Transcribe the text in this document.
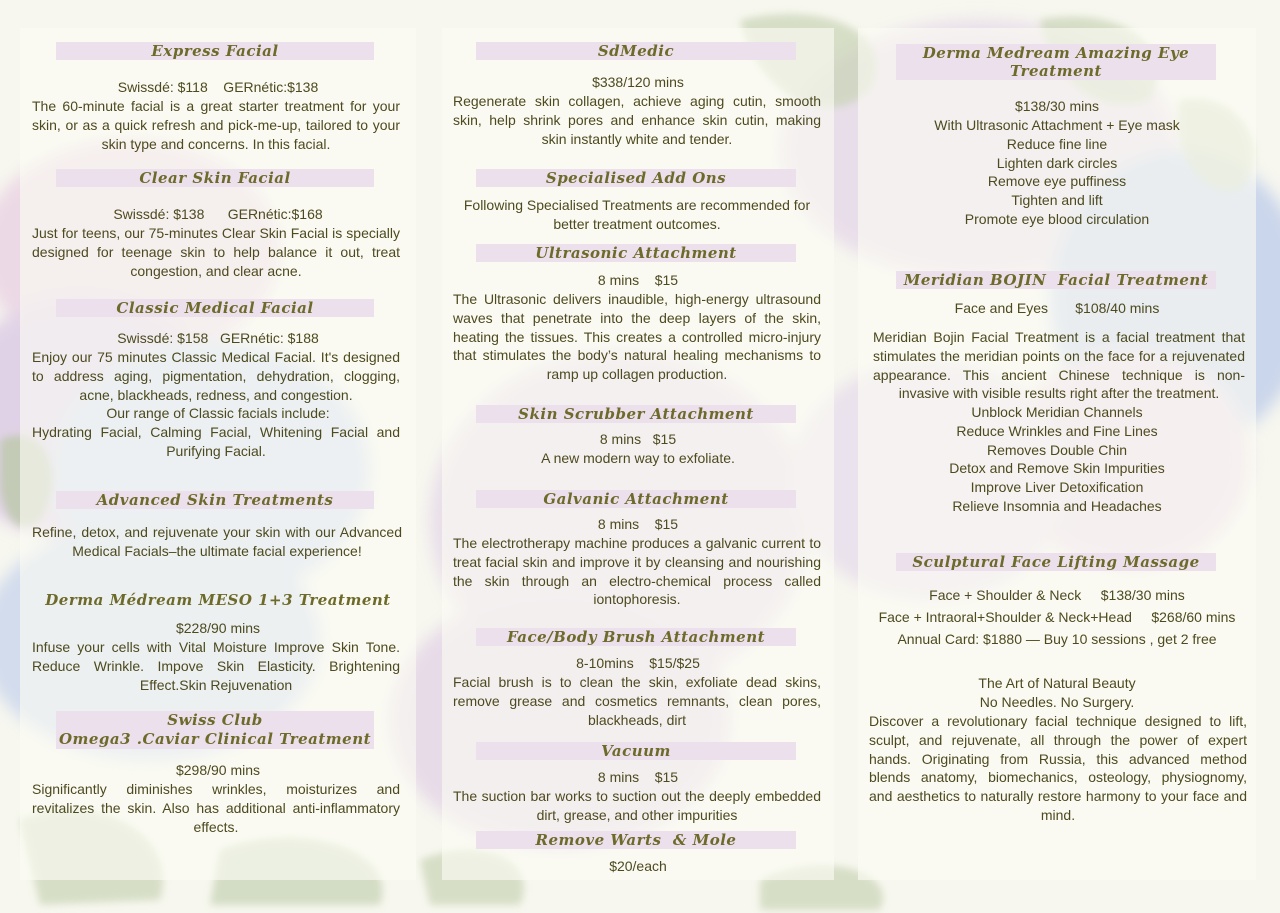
Express Facial
Swissdé: $118    GERnétic:$138
The 60-minute facial is a great starter treatment for your skin, or as a quick refresh and pick-me-up, tailored to your skin type and concerns. In this facial.
Clear Skin Facial
Swissdé: $138      GERnétic:$168
Just for teens, our 75-minutes Clear Skin Facial is specially designed for teenage skin to help balance it out, treat congestion, and clear acne.
Classic Medical Facial
Swissdé: $158   GERnétic: $188
Enjoy our 75 minutes Classic Medical Facial. It's designed to address aging, pigmentation, dehydration, clogging, acne, blackheads, redness, and congestion.
Our range of Classic facials include:
Hydrating Facial, Calming Facial, Whitening Facial and Purifying Facial.
Advanced Skin Treatments
Refine, detox, and rejuvenate your skin with our Advanced Medical Facials–the ultimate facial experience!
Derma Médream MESO 1+3 Treatment
$228/90 mins
Infuse your cells with Vital Moisture Improve Skin Tone. Reduce Wrinkle. Impove Skin Elasticity. Brightening Effect.Skin Rejuvenation
Swiss Club
Omega3 .Caviar Clinical Treatment
$298/90 mins
Significantly diminishes wrinkles, moisturizes and revitalizes the skin. Also has additional anti-inflammatory effects.
SdMedic
$338/120 mins
Regenerate skin collagen, achieve aging cutin, smooth skin, help shrink pores and enhance skin cutin, making skin instantly white and tender.
Specialised Add Ons
Following Specialised Treatments are recommended for better treatment outcomes.
Ultrasonic Attachment
8 mins    $15
The Ultrasonic delivers inaudible, high-energy ultrasound waves that penetrate into the deep layers of the skin, heating the tissues. This creates a controlled micro-injury that stimulates the body’s natural healing mechanisms to ramp up collagen production.
Skin Scrubber Attachment
8 mins   $15
A new modern way to exfoliate.
Galvanic Attachment
8 mins    $15
The electrotherapy machine produces a galvanic current to treat facial skin and improve it by cleansing and nourishing the skin through an electro-chemical process called iontophoresis.
Face/Body Brush Attachment
8-10mins    $15/$25
Facial brush is to clean the skin, exfoliate dead skins, remove grease and cosmetics remnants, clean pores, blackheads, dirt
Vacuum
8 mins    $15
The suction bar works to suction out the deeply embedded dirt, grease, and other impurities
Remove Warts  & Mole
$20/each
Derma Medream Amazing Eye Treatment
$138/30 mins
With Ultrasonic Attachment + Eye mask
Reduce fine line
Lighten dark circles
Remove eye puffiness
Tighten and lift
Promote eye blood circulation
Meridian BOJIN  Facial Treatment
Face and Eyes       $108/40 mins
Meridian Bojin Facial Treatment is a facial treatment that stimulates the meridian points on the face for a rejuvenated appearance. This ancient Chinese technique is non-invasive with visible results right after the treatment.
Unblock Meridian Channels
Reduce Wrinkles and Fine Lines
Removes Double Chin
Detox and Remove Skin Impurities
Improve Liver Detoxification
Relieve Insomnia and Headaches
Sculptural Face Lifting Massage
Face + Shoulder & Neck     $138/30 mins
Face + Intraoral+Shoulder & Neck+Head     $268/60 mins
Annual Card: $1880 — Buy 10 sessions , get 2 free
The Art of Natural Beauty
No Needles. No Surgery.
Discover a revolutionary facial technique designed to lift, sculpt, and rejuvenate, all through the power of expert hands. Originating from Russia, this advanced method blends anatomy, biomechanics, osteology, physiognomy, and aesthetics to naturally restore harmony to your face and mind.
